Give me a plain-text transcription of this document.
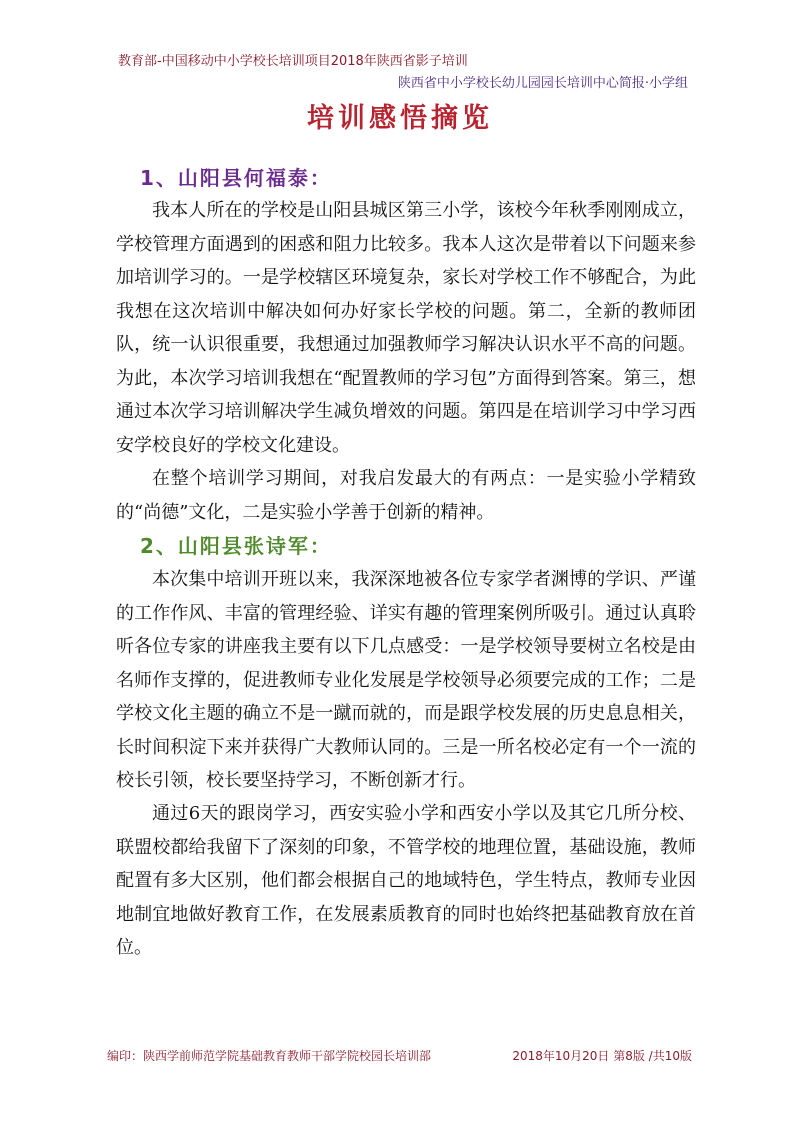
教育部-中国移动中小学校长培训项目2018年陕西省影子培训
陕西省中小学校长幼儿园园长培训中心简报·小学组
培训感悟摘览
1、山阳县何福泰：

我本人所在的学校是山阳县城区第三小学，该校今年秋季刚刚成立，学校管理方面遇到的困惑和阻力比较多。我本人这次是带着以下问题来参加培训学习的。一是学校辖区环境复杂，家长对学校工作不够配合，为此我想在这次培训中解决如何办好家长学校的问题。第二，全新的教师团队，统一认识很重要，我想通过加强教师学习解决认识水平不高的问题。为此，本次学习培训我想在“配置教师的学习包”方面得到答案。第三，想通过本次学习培训解决学生减负增效的问题。第四是在培训学习中学习西安学校良好的学校文化建设。

在整个培训学习期间，对我启发最大的有两点：一是实验小学精致的“尚德”文化，二是实验小学善于创新的精神。

2、山阳县张诗军：

本次集中培训开班以来，我深深地被各位专家学者渊博的学识、严谨的工作作风、丰富的管理经验、详实有趣的管理案例所吸引。通过认真聆听各位专家的讲座我主要有以下几点感受：一是学校领导要树立名校是由名师作支撑的，促进教师专业化发展是学校领导必须要完成的工作；二是学校文化主题的确立不是一蹴而就的，而是跟学校发展的历史息息相关，长时间积淀下来并获得广大教师认同的。三是一所名校必定有一个一流的校长引领，校长要坚持学习，不断创新才行。

通过6天的跟岗学习，西安实验小学和西安小学以及其它几所分校、联盟校都给我留下了深刻的印象，不管学校的地理位置，基础设施，教师配置有多大区别，他们都会根据自己的地域特色，学生特点，教师专业因地制宜地做好教育工作，在发展素质教育的同时也始终把基础教育放在首位。

编印：陕西学前师范学院基础教育教师干部学院校园长培训部	2018年10月20日 第8版 /共10版
